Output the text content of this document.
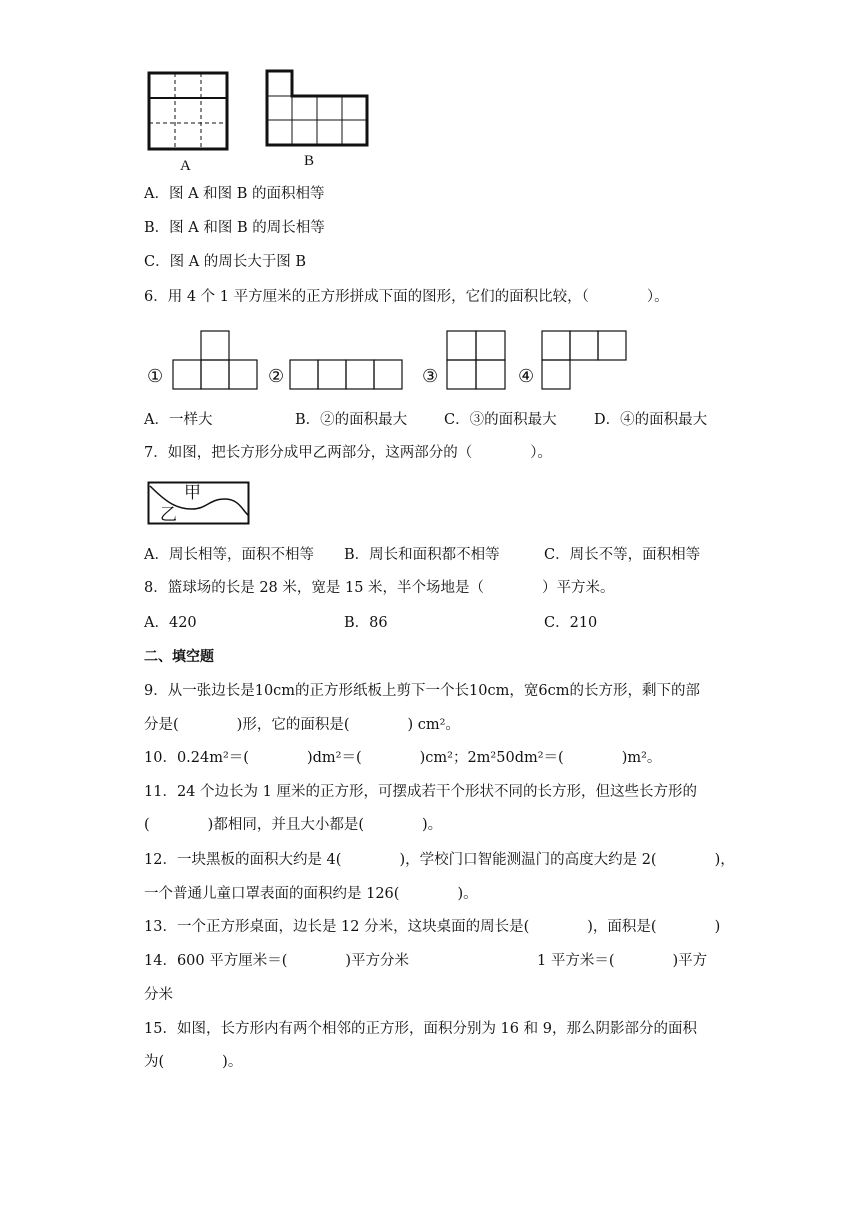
A	B
A．图 A 和图 B 的面积相等
B．图 A 和图 B 的周长相等
C．图 A 的周长大于图 B
6．用 4 个 1 平方厘米的正方形拼成下面的图形，它们的面积比较，（　　　　）。
①	②	③	④
A．一样大	B．②的面积最大	C．③的面积最大	D．④的面积最大
7．如图，把长方形分成甲乙两部分，这两部分的（　　　　）。
甲
乙
A．周长相等，面积不相等 B．周长和面积都不相等	C．周长不等，面积相等
8．篮球场的长是 28 米，宽是 15 米，半个场地是（　　　　）平方米。
A．420	B．86	C．210
二、填空题
9．从一张边长是10cm的正方形纸板上剪下一个长10cm，宽6cm的长方形，剩下的部
分是(　　　　)形，它的面积是(　　　　) cm²。
10．0.24m²＝(　　　　)dm²＝(　　　　)cm²；2m²50dm²＝(　　　　)m²。
11．24 个边长为 1 厘米的正方形，可摆成若干个形状不同的长方形，但这些长方形的
(　　　　)都相同，并且大小都是(　　　　)。
12．一块黑板的面积大约是 4(　　　　)，学校门口智能测温门的高度大约是 2(　　　　)，
一个普通儿童口罩表面的面积约是 126(　　　　)。
13．一个正方形桌面，边长是 12 分米，这块桌面的周长是(　　　　)，面积是(　　　　)
14．600 平方厘米＝(　　　　)平方分米	1 平方米＝(　　　　)平方
分米
15．如图，长方形内有两个相邻的正方形，面积分别为 16 和 9，那么阴影部分的面积
为(　　　　)。
